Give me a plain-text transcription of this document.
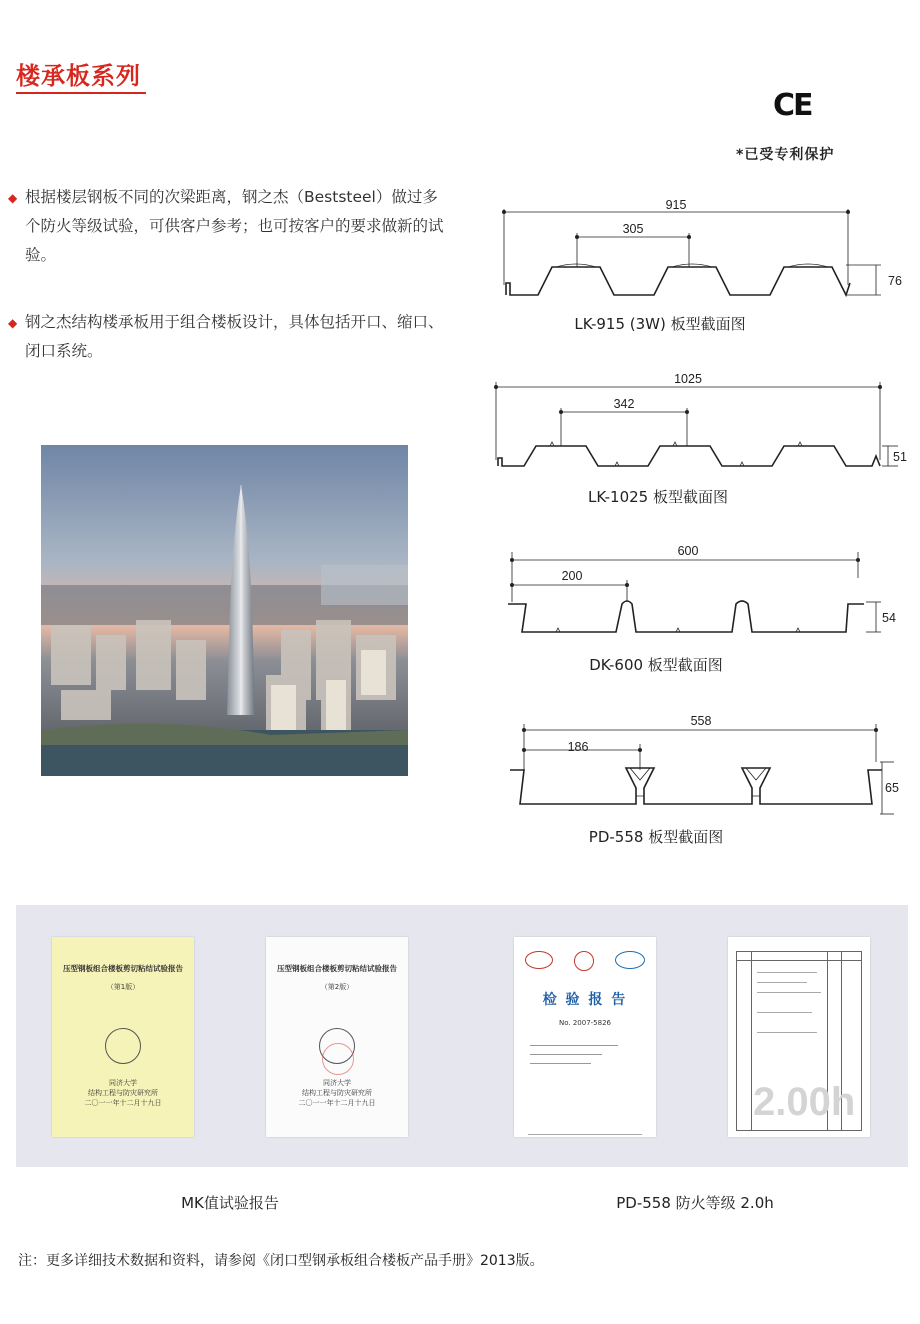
楼承板系列
CE
*已受专利保护
◆ 根据楼层钢板不同的次梁距离，钢之杰（Beststeel）做过多个防火等级试验，可供客户参考；也可按客户的要求做新的试验。
◆ 钢之杰结构楼承板用于组合楼板设计，具体包括开口、缩口、闭口系统。
915
305
76
LK-915 (3W) 板型截面图
1025
342
51
LK-1025 板型截面图
600
200
54
DK-600 板型截面图
558
186
65
PD-558 板型截面图
压型钢板组合楼板剪切粘结试验报告
（第1版）
同济大学
结构工程与防灾研究所
二〇一一年十二月十九日
压型钢板组合楼板剪切粘结试验报告
（第2版）
同济大学
结构工程与防灾研究所
二〇一一年十二月十九日
检 验 报 告
No. 2007-5826
2.00h
MK值试验报告	PD-558 防火等级 2.0h
注：更多详细技术数据和资料，请参阅《闭口型钢承板组合楼板产品手册》2013版。
